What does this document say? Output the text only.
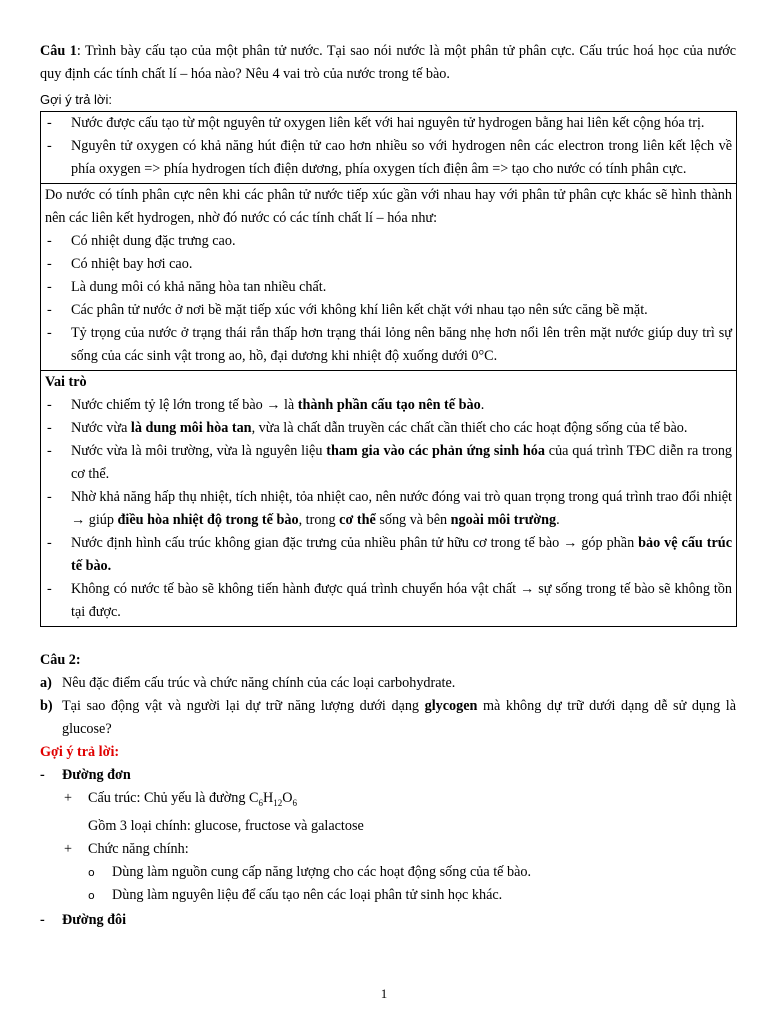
Câu 1: Trình bày cấu tạo của một phân tử nước. Tại sao nói nước là một phân tử phân cực. Cấu trúc hoá học của nước quy định các tính chất lí – hóa nào? Nêu 4 vai trò của nước trong tế bào.
Gợi ý trả lời:
- Nước được cấu tạo từ một nguyên tử oxygen liên kết với hai nguyên tử hydrogen bằng hai liên kết cộng hóa trị.
- Nguyên tử oxygen có khả năng hút điện tử cao hơn nhiều so với hydrogen nên các electron trong liên kết lệch về phía oxygen => phía hydrogen tích điện dương, phía oxygen tích điện âm => tạo cho nước có tính phân cực.

Do nước có tính phân cực nên khi các phân tử nước tiếp xúc gần với nhau hay với phân tử phân cực khác sẽ hình thành nên các liên kết hydrogen, nhờ đó nước có các tính chất lí – hóa như:
- Có nhiệt dung đặc trưng cao.
- Có nhiệt bay hơi cao.
- Là dung môi có khả năng hòa tan nhiều chất.
- Các phân tử nước ở nơi bề mặt tiếp xúc với không khí liên kết chặt với nhau tạo nên sức căng bề mặt.
- Tỷ trọng của nước ở trạng thái rắn thấp hơn trạng thái lỏng nên băng nhẹ hơn nổi lên trên mặt nước giúp duy trì sự sống của các sinh vật trong ao, hồ, đại dương khi nhiệt độ xuống dưới 0°C.

Vai trò
- Nước chiếm tỷ lệ lớn trong tế bào → là thành phần cấu tạo nên tế bào.
- Nước vừa là dung môi hòa tan, vừa là chất dẫn truyền các chất cần thiết cho các hoạt động sống của tế bào.
- Nước vừa là môi trường, vừa là nguyên liệu tham gia vào các phản ứng sinh hóa của quá trình TĐC diễn ra trong cơ thể.
- Nhờ khả năng hấp thụ nhiệt, tích nhiệt, tỏa nhiệt cao, nên nước đóng vai trò quan trọng trong quá trình trao đổi nhiệt → giúp điều hòa nhiệt độ trong tế bào, trong cơ thể sống và bên ngoài môi trường.
- Nước định hình cấu trúc không gian đặc trưng của nhiều phân tử hữu cơ trong tế bào → góp phần bảo vệ cấu trúc tế bào.
- Không có nước tế bào sẽ không tiến hành được quá trình chuyển hóa vật chất → sự sống trong tế bào sẽ không tồn tại được.
Câu 2:
a) Nêu đặc điểm cấu trúc và chức năng chính của các loại carbohydrate.
b) Tại sao động vật và người lại dự trữ năng lượng dưới dạng glycogen mà không dự trữ dưới dạng dễ sử dụng là glucose?
Gợi ý trả lời:
- Đường đơn
+ Cấu trúc: Chủ yếu là đường $C_6H_{12}O_6$
Gồm 3 loại chính: glucose, fructose và galactose
+ Chức năng chính:
o Dùng làm nguồn cung cấp năng lượng cho các hoạt động sống của tế bào.
o Dùng làm nguyên liệu để cấu tạo nên các loại phân tử sinh học khác.
- Đường đôi
1
